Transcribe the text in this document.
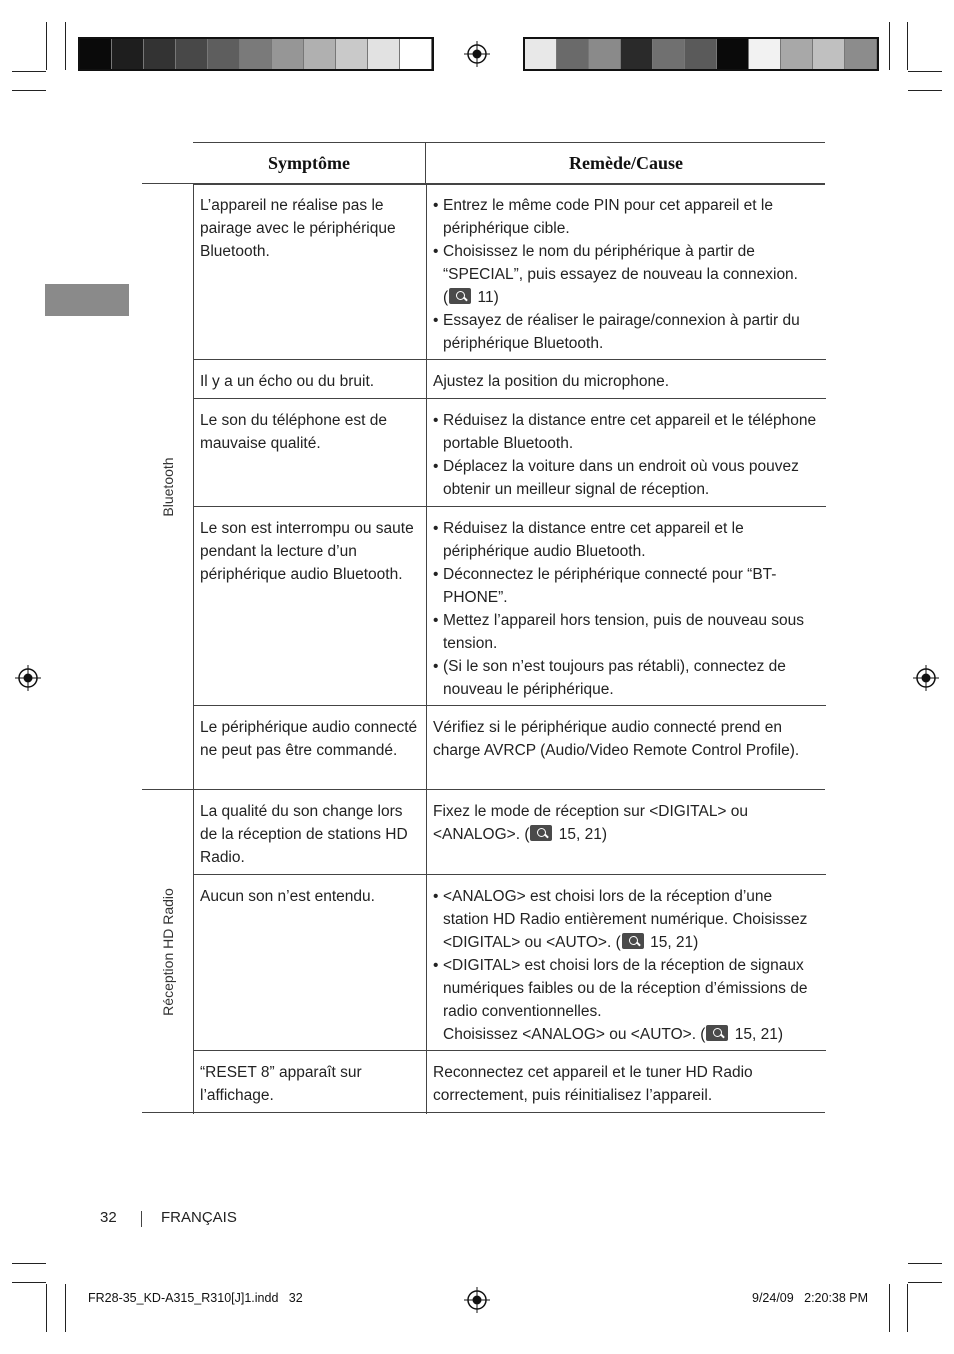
Symptôme	Remède/Cause
Bluetooth
L’appareil ne réalise pas le pairage avec le périphérique Bluetooth.
• Entrez le même code PIN pour cet appareil et le périphérique cible.
• Choisissez le nom du périphérique à partir de “SPECIAL”, puis essayez de nouveau la connexion.
( 11)
• Essayez de réaliser le pairage/connexion à partir du périphérique Bluetooth.
Il y a un écho ou du bruit.	Ajustez la position du microphone.
Le son du téléphone est de mauvaise qualité.
• Réduisez la distance entre cet appareil et le téléphone portable Bluetooth.
• Déplacez la voiture dans un endroit où vous pouvez obtenir un meilleur signal de réception.
Le son est interrompu ou saute pendant la lecture d’un périphérique audio Bluetooth.
• Réduisez la distance entre cet appareil et le périphérique audio Bluetooth.
• Déconnectez le périphérique connecté pour “BT-PHONE”.
• Mettez l’appareil hors tension, puis de nouveau sous tension.
• (Si le son n’est toujours pas rétabli), connectez de nouveau le périphérique.
Le périphérique audio connecté ne peut pas être commandé.
Vérifiez si le périphérique audio connecté prend en charge AVRCP (Audio/Video Remote Control Profile).
Réception HD Radio
La qualité du son change lors de la réception de stations HD Radio.
Fixez le mode de réception sur <DIGITAL> ou <ANALOG>. ( 15, 21)
Aucun son n’est entendu.
•	<ANALOG> est choisi lors de la réception d’une station HD Radio entièrement numérique. Choisissez <DIGITAL> ou <AUTO>. ( 15, 21)
• <DIGITAL> est choisi lors de la réception de signaux numériques faibles ou de la réception d’émissions de radio conventionnelles.
Choisissez <ANALOG> ou <AUTO>. ( 15, 21)
“RESET 8” apparaît sur l’affichage.
Reconnectez cet appareil et le tuner HD Radio correctement, puis réinitialisez l’appareil.
32	FRANÇAIS
FR28-35_KD-A315_R310[J]1.indd   32	9/24/09   2:20:38 PM
